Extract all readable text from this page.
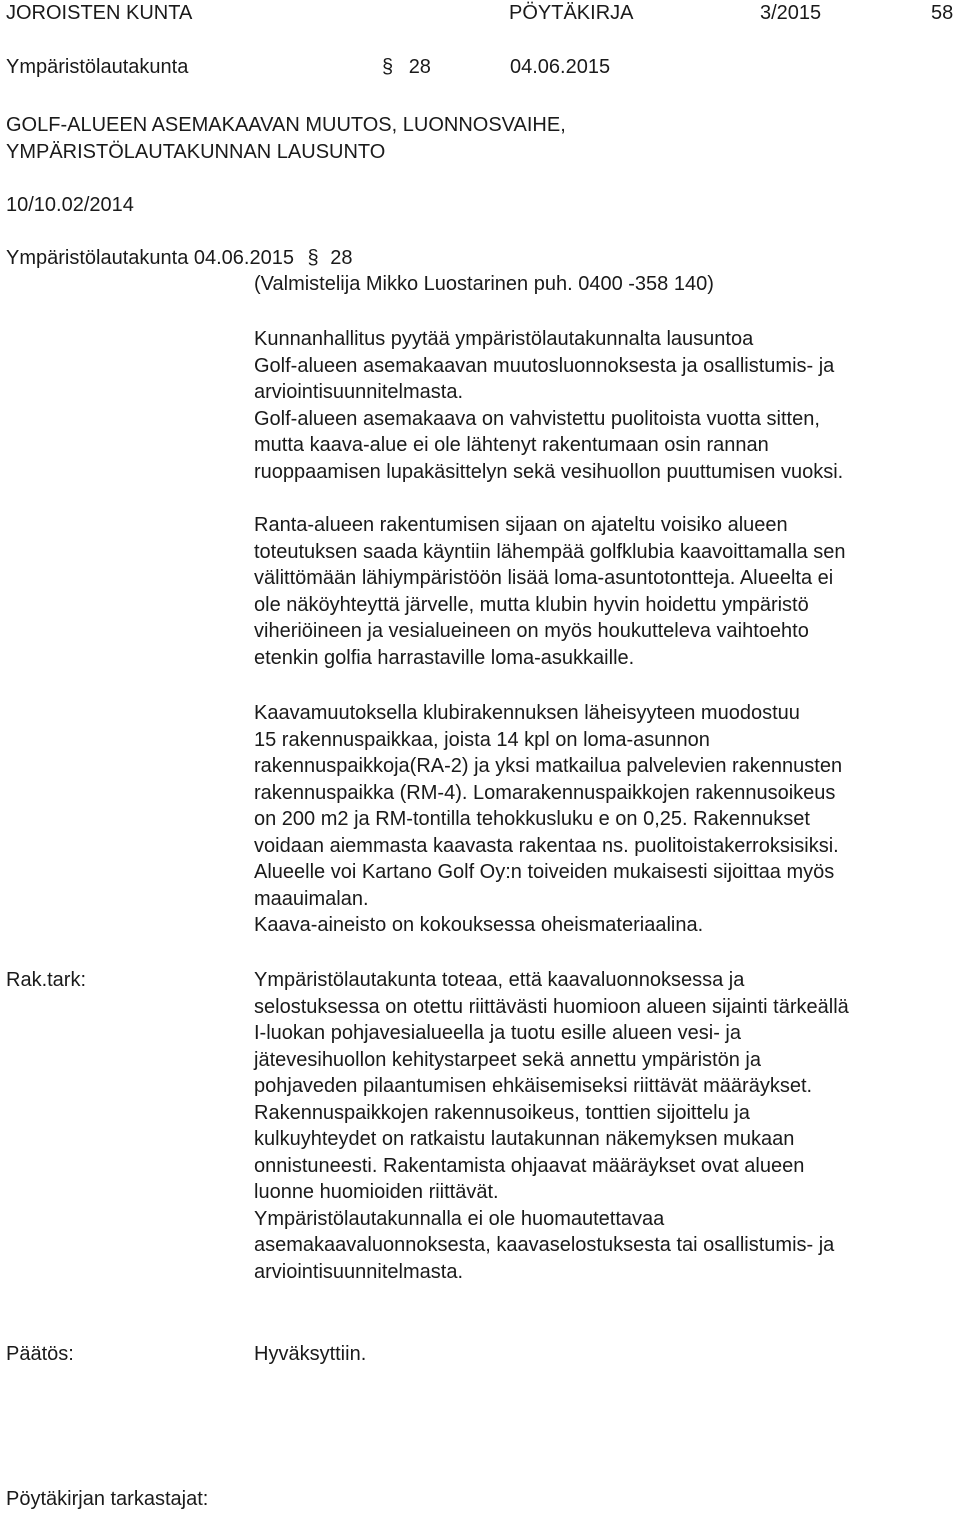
JOROISTEN KUNTA	PÖYTÄKIRJA	3/2015	58
Ympäristölautakunta	§ 28	04.06.2015
GOLF-ALUEEN ASEMAKAAVAN MUUTOS, LUONNOSVAIHE,
YMPÄRISTÖLAUTAKUNNAN LAUSUNTO
10/10.02/2014
Ympäristölautakunta 04.06.2015 § 28
(Valmistelija Mikko Luostarinen puh. 0400 -358 140)

Kunnanhallitus pyytää ympäristölautakunnalta lausuntoa

Golf-alueen asemakaavan muutosluonnoksesta ja osallistumis- ja

arviointisuunnitelmasta.

Golf-alueen asemakaava on vahvistettu puolitoista vuotta sitten,

mutta kaava-alue ei ole lähtenyt rakentumaan osin rannan

ruoppaamisen lupakäsittelyn sekä vesihuollon puuttumisen vuoksi.

Ranta-alueen rakentumisen sijaan on ajateltu voisiko alueen

toteutuksen saada käyntiin lähempää golfklubia kaavoittamalla sen

välittömään lähiympäristöön lisää loma-asuntotontteja. Alueelta ei

ole näköyhteyttä järvelle, mutta klubin hyvin hoidettu ympäristö

viheriöineen ja vesialueineen on myös houkutteleva vaihtoehto

etenkin golfia harrastaville loma-asukkaille.

Kaavamuutoksella klubirakennuksen läheisyyteen muodostuu

15 rakennuspaikkaa, joista 14 kpl on loma-asunnon

rakennuspaikkoja(RA-2) ja yksi matkailua palvelevien rakennusten

rakennuspaikka (RM-4). Lomarakennuspaikkojen rakennusoikeus

on 200 m2 ja RM-tontilla tehokkusluku e on 0,25. Rakennukset

voidaan aiemmasta kaavasta rakentaa ns. puolitoistakerroksisiksi.

Alueelle voi Kartano Golf Oy:n toiveiden mukaisesti sijoittaa myös

maauimalan.

Kaava-aineisto on kokouksessa oheismateriaalina.

Rak.tark:	Ympäristölautakunta toteaa, että kaavaluonnoksessa ja

selostuksessa on otettu riittävästi huomioon alueen sijainti tärkeällä

I-luokan pohjavesialueella ja tuotu esille alueen vesi- ja

jätevesihuollon kehitystarpeet sekä annettu ympäristön ja

pohjaveden pilaantumisen ehkäisemiseksi riittävät määräykset.

Rakennuspaikkojen rakennusoikeus, tonttien sijoittelu ja

kulkuyhteydet on ratkaistu lautakunnan näkemyksen mukaan

onnistuneesti. Rakentamista ohjaavat määräykset ovat alueen

luonne huomioiden riittävät.

Ympäristölautakunnalla ei ole huomautettavaa

asemakaavaluonnoksesta, kaavaselostuksesta tai osallistumis- ja

arviointisuunnitelmasta.

Päätös:	Hyväksyttiin.
Pöytäkirjan tarkastajat:
